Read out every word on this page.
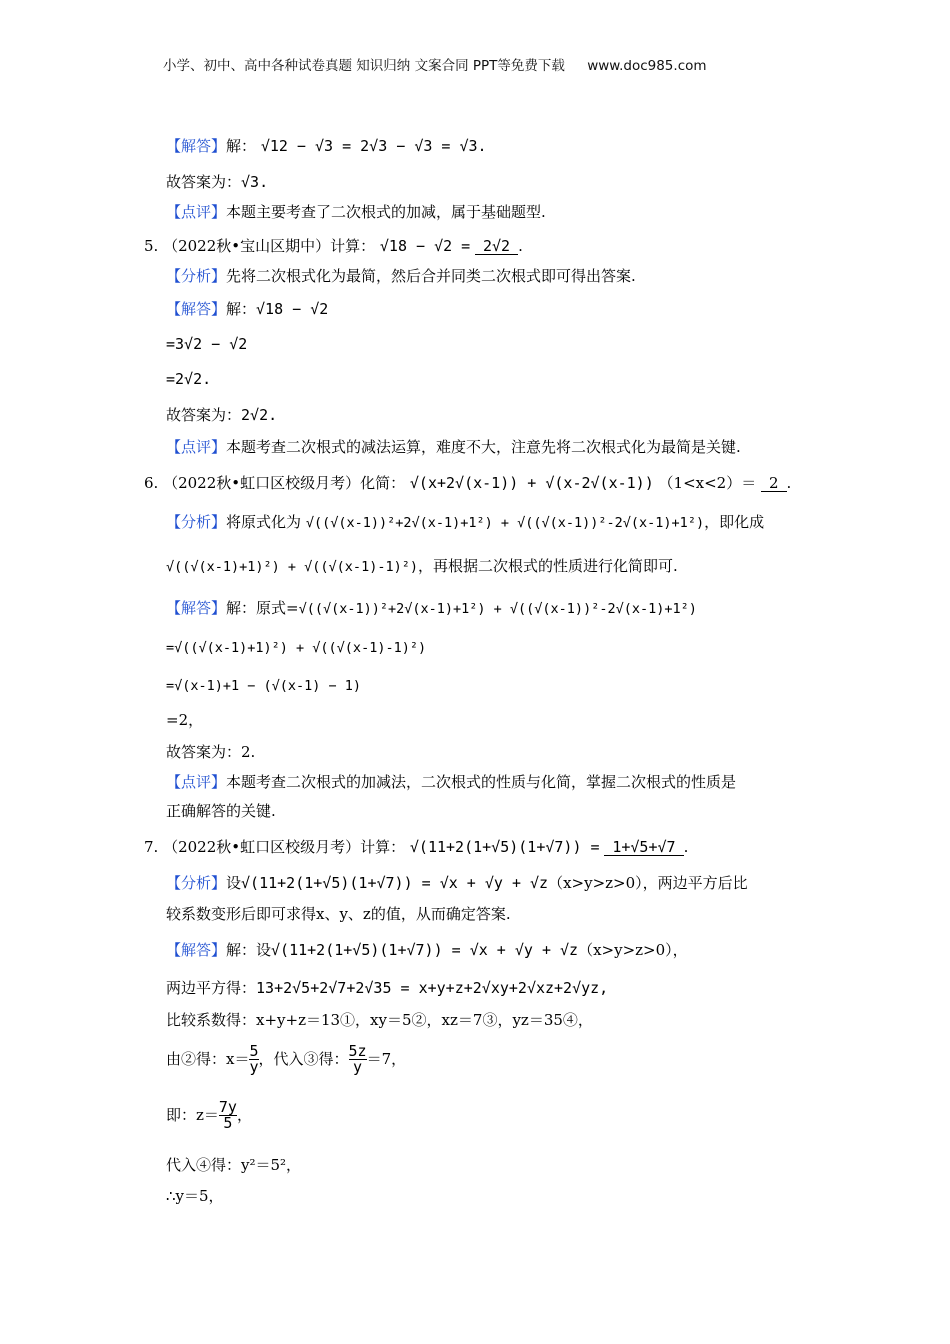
小学、初中、高中各种试卷真题 知识归纳 文案合同 PPT等免费下载 www.doc985.com
【解答】解： √12 − √3 = 2√3 − √3 = √3.
故答案为：√3.
【点评】本题主要考查了二次根式的加减，属于基础题型.
5. （2022秋•宝山区期中）计算： √18 − √2 = 2√2 .
【分析】先将二次根式化为最简，然后合并同类二次根式即可得出答案.
【解答】解：√18 − √2
=3√2 − √2
=2√2.
故答案为：2√2.
【点评】本题考查二次根式的减法运算，难度不大，注意先将二次根式化为最简是关键.
6. （2022秋•虹口区校级月考）化简： √(x+2√(x-1)) + √(x-2√(x-1)) （1<x<2）＝ 2 .
【分析】将原式化为 √((√(x-1))²+2√(x-1)+1²) + √((√(x-1))²-2√(x-1)+1²)，即化成
√((√(x-1)+1)²) + √((√(x-1)-1)²)，再根据二次根式的性质进行化简即可.
【解答】解：原式=√((√(x-1))²+2√(x-1)+1²) + √((√(x-1))²-2√(x-1)+1²)
=√((√(x-1)+1)²) + √((√(x-1)-1)²)
=√(x-1)+1 − (√(x-1) − 1)
=2，
故答案为：2.
【点评】本题考查二次根式的加减法，二次根式的性质与化简，掌握二次根式的性质是
正确解答的关键.
7. （2022秋•虹口区校级月考）计算： √(11+2(1+√5)(1+√7)) = 1+√5+√7 .
【分析】设√(11+2(1+√5)(1+√7)) = √x + √y + √z（x>y>z>0），两边平方后比
较系数变形后即可求得x、y、z的值，从而确定答案.
【解答】解：设√(11+2(1+√5)(1+√7)) = √x + √y + √z（x>y>z>0），
两边平方得：13+2√5+2√7+2√35 = x+y+z+2√xy+2√xz+2√yz,
比较系数得：x+y+z＝13①，xy＝5②，xz＝7③，yz＝35④，
由②得：$x= \frac{5}{y}$ ，代入③得： $\frac{5z}{y} =7$，
即：$z= \frac{7y}{5}$ ，
代入④得：y²＝5²，
∴y＝5，
